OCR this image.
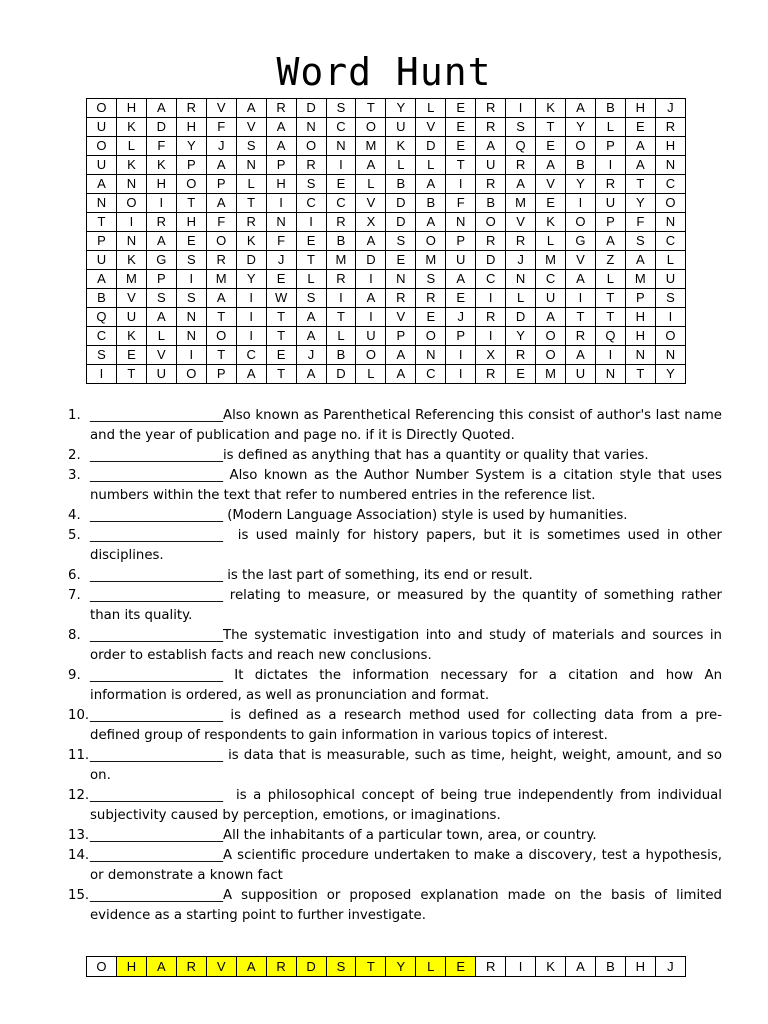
Word Hunt
O	H	A	R	V	A	R	D	S	T	Y	L	E	R	I	K	A	B	H	J
U	K	D	H	F	V	A	N	C	O	U	V	E	R	S	T	Y	L	E	R
O	L	F	Y	J	S	A	O	N	M	K	D	E	A	Q	E	O	P	A	H
U	K	K	P	A	N	P	R	I	A	L	L	T	U	R	A	B	I	A	N
A	N	H	O	P	L	H	S	E	L	B	A	I	R	A	V	Y	R	T	C
N	O	I	T	A	T	I	C	C	V	D	B	F	B	M	E	I	U	Y	O
T	I	R	H	F	R	N	I	R	X	D	A	N	O	V	K	O	P	F	N
P	N	A	E	O	K	F	E	B	A	S	O	P	R	R	L	G	A	S	C
U	K	G	S	R	D	J	T	M	D	E	M	U	D	J	M	V	Z	A	L
A	M	P	I	M	Y	E	L	R	I	N	S	A	C	N	C	A	L	M	U
B	V	S	S	A	I	W	S	I	A	R	R	E	I	L	U	I	T	P	S
Q	U	A	N	T	I	T	A	T	I	V	E	J	R	D	A	T	T	H	I
C	K	L	N	O	I	T	A	L	U	P	O	P	I	Y	O	R	Q	H	O
S	E	V	I	T	C	E	J	B	O	A	N	I	X	R	O	A	I	N	N
I	T	U	O	P	A	T	A	D	L	A	C	I	R	E	M	U	N	T	Y
1. ____________________Also known as Parenthetical Referencing this consist of author's last name and the year of publication and page no. if it is Directly Quoted.
2. ____________________is defined as anything that has a quantity or quality that varies.
3. ____________________ Also known as the Author Number System is a citation style that uses numbers within the text that refer to numbered entries in the reference list.
4. ____________________ (Modern Language Association) style is used by humanities.
5. ____________________  is used mainly for history papers, but it is sometimes used in other disciplines.
6. ____________________ is the last part of something, its end or result.
7. ____________________ relating to measure, or measured by the quantity of something rather than its quality.
8. ____________________The systematic investigation into and study of materials and sources in order to establish facts and reach new conclusions.
9. ____________________ It dictates the information necessary for a citation and how An information is ordered, as well as pronunciation and format.
10. ____________________ is defined as a research method used for collecting data from a pre-defined group of respondents to gain information in various topics of interest.
11. ____________________ is data that is measurable, such as time, height, weight, amount, and so on.
12. ____________________  is a philosophical concept of being true independently from individual subjectivity caused by perception, emotions, or imaginations.
13. ____________________All the inhabitants of a particular town, area, or country.
14. ____________________A scientific procedure undertaken to make a discovery, test a hypothesis, or demonstrate a known fact
15. ____________________A supposition or proposed explanation made on the basis of limited evidence as a starting point to further investigate.
O	H	A	R	V	A	R	D	S	T	Y	L	E	R	I	K	A	B	H	J
